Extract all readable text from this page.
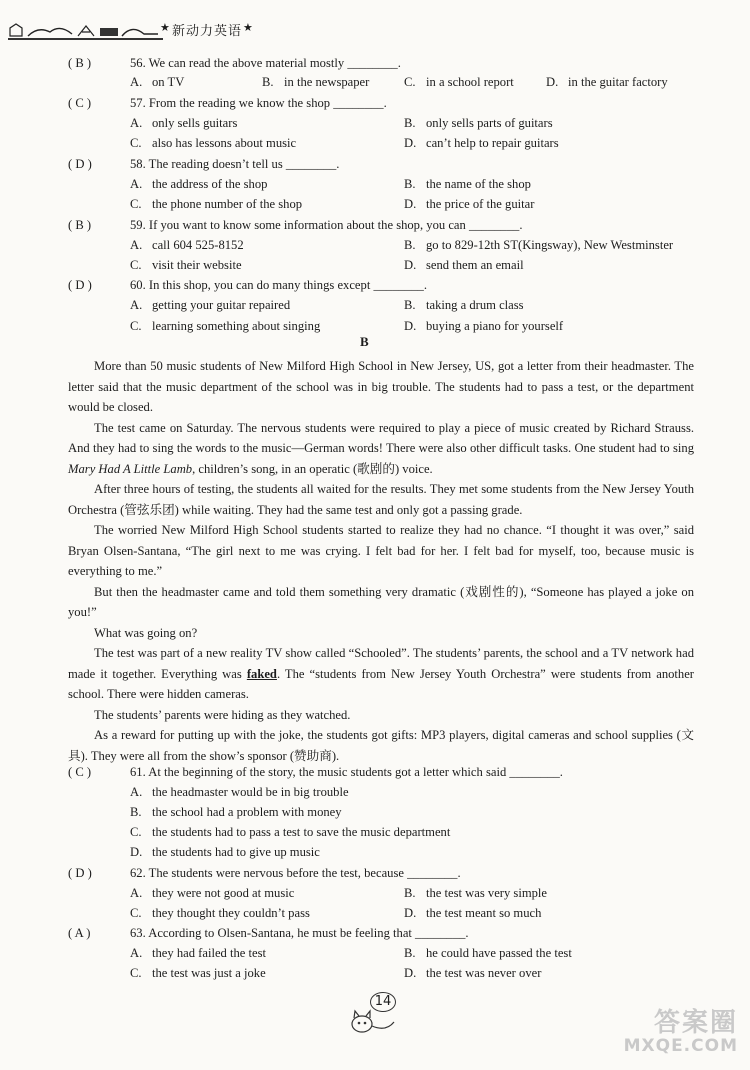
★ 新动力英语 ★
( B )	56. We can read the above material mostly ________.
A. on TV	B. in the newspaper	C. in a school report	D. in the guitar factory
( C )	57. From the reading we know the shop ________.
A. only sells guitars	B. only sells parts of guitars
C. also has lessons about music	D. can’t help to repair guitars
( D )	58. The reading doesn’t tell us ________.
A. the address of the shop	B. the name of the shop
C. the phone number of the shop	D. the price of the guitar
( B )	59. If you want to know some information about the shop, you can ________.
A. call 604 525-8152	B. go to 829-12th ST(Kingsway), New Westminster
C. visit their website	D. send them an email
( D )	60. In this shop, you can do many things except ________.
A. getting your guitar repaired	B. taking a drum class
C. learning something about singing	D. buying a piano for yourself
B

More than 50 music students of New Milford High School in New Jersey, US, got a letter from their headmaster. The letter said that the music department of the school was in big trouble. The students had to pass a test, or the department would be closed.

The test came on Saturday. The nervous students were required to play a piece of music created by Richard Strauss. And they had to sing the words to the music—German words! There were also other difficult tasks. One student had to sing Mary Had A Little Lamb, children’s song, in an operatic (歌剧的) voice.

After three hours of testing, the students all waited for the results. They met some students from the New Jersey Youth Orchestra (管弦乐团) while waiting. They had the same test and only got a passing grade.

The worried New Milford High School students started to realize they had no chance. “I thought it was over,” said Bryan Olsen-Santana, “The girl next to me was crying. I felt bad for her. I felt bad for myself, too, because music is everything to me.”

But then the headmaster came and told them something very dramatic (戏剧性的), “Someone has played a joke on you!”

What was going on?

The test was part of a new reality TV show called “Schooled”. The students’ parents, the school and a TV network had made it together. Everything was faked. The “students from New Jersey Youth Orchestra” were students from another school. There were hidden cameras.

The students’ parents were hiding as they watched.

As a reward for putting up with the joke, the students got gifts: MP3 players, digital cameras and school supplies (文具). They were all from the show’s sponsor (赞助商).

( C )	61. At the beginning of the story, the music students got a letter which said ________.
A. the headmaster would be in big trouble
B. the school had a problem with money
C. the students had to pass a test to save the music department
D. the students had to give up music
( D )	62. The students were nervous before the test, because ________.
A. they were not good at music	B. the test was very simple
C. they thought they couldn’t pass	D. the test meant so much
( A )	63. According to Olsen-Santana, he must be feeling that ________.
A. they had failed the test	B. he could have passed the test
C. the test was just a joke	D. the test was never over
14
答案圈
MXQE.COM
